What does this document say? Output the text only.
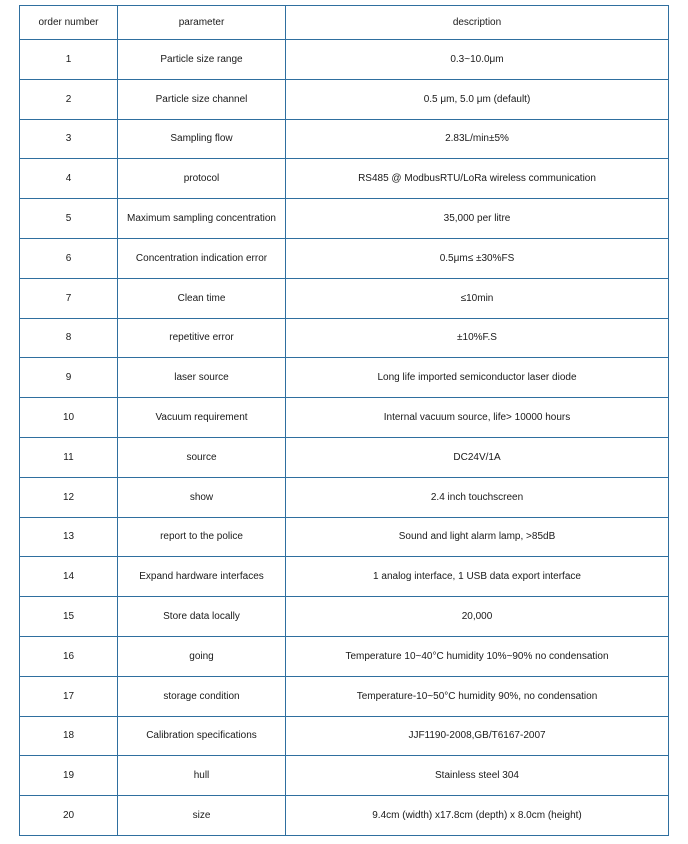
order number	parameter	description
1	Particle size range	0.3~10.0μm
2	Particle size channel	0.5 μm, 5.0 μm (default)
3	Sampling flow	2.83L/min±5%
4	protocol	RS485 @ ModbusRTU/LoRa wireless communication
5	Maximum sampling concentration	35,000 per litre
6	Concentration indication error	0.5μm≤ ±30%FS
7	Clean time	≤10min
8	repetitive error	±10%F.S
9	laser source	Long life imported semiconductor laser diode
10	Vacuum requirement	Internal vacuum source, life> 10000 hours
11	source	DC24V/1A
12	show	2.4 inch touchscreen
13	report to the police	Sound and light alarm lamp, >85dB
14	Expand hardware interfaces	1 analog interface, 1 USB data export interface
15	Store data locally	20,000
16	going	Temperature 10~40°C humidity 10%~90% no condensation
17	storage condition	Temperature-10~50°C humidity 90%, no condensation
18	Calibration specifications	JJF1190-2008,GB/T6167-2007
19	hull	Stainless steel 304
20	size	9.4cm (width) x17.8cm (depth) x 8.0cm (height)
